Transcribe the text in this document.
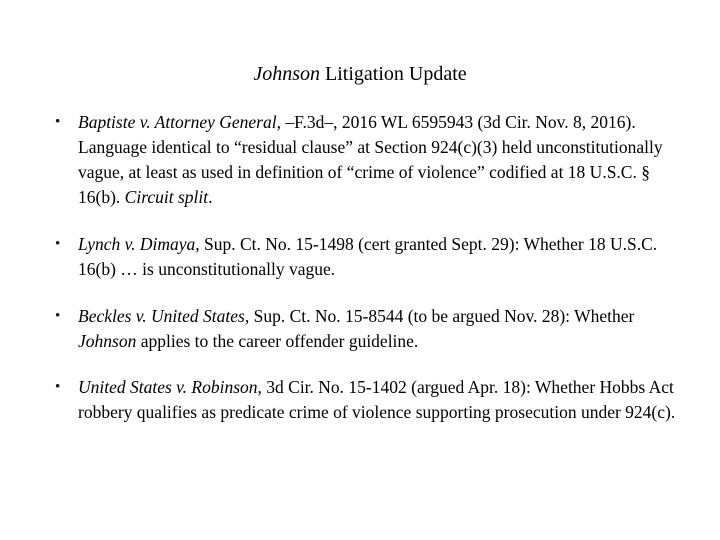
Johnson Litigation Update
• Baptiste v. Attorney General, –F.3d–, 2016 WL 6595943 (3d Cir. Nov. 8, 2016). Language identical to “residual clause” at Section 924(c)(3) held unconstitutionally vague, at least as used in definition of “crime of violence” codified at 18 U.S.C. § 16(b). Circuit split.
• Lynch v. Dimaya, Sup. Ct. No. 15-1498 (cert granted Sept. 29): Whether 18 U.S.C. 16(b) … is unconstitutionally vague.
• Beckles v. United States, Sup. Ct. No. 15-8544 (to be argued Nov. 28): Whether Johnson applies to the career offender guideline.
• United States v. Robinson, 3d Cir. No. 15-1402 (argued Apr. 18): Whether Hobbs Act robbery qualifies as predicate crime of violence supporting prosecution under 924(c).
